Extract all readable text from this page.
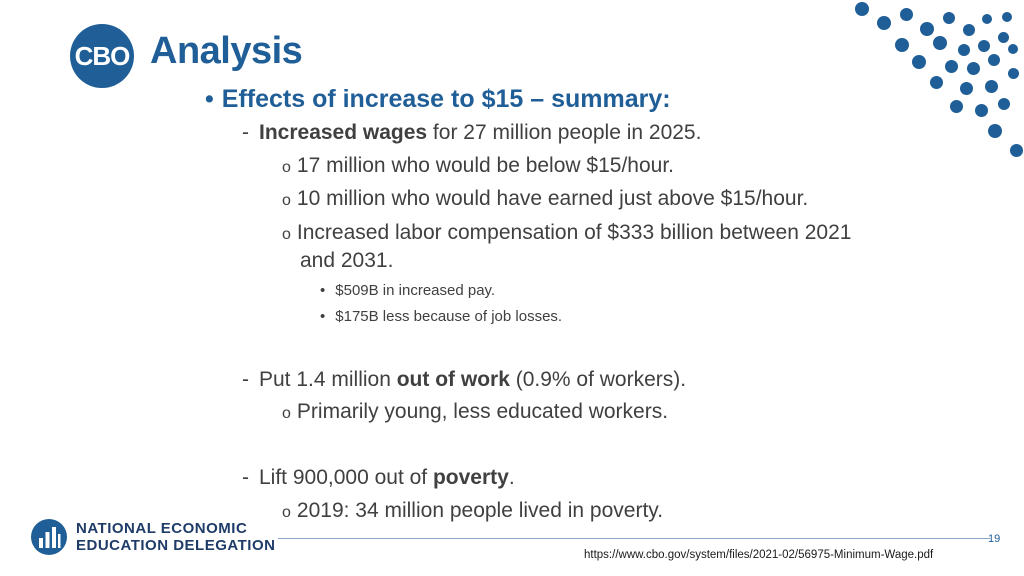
CBO Analysis
• Effects of increase to $15 – summary:
- Increased wages for 27 million people in 2025.
o 17 million who would be below $15/hour.
o 10 million who would have earned just above $15/hour.
o Increased labor compensation of $333 billion between 2021
and 2031.
• $509B in increased pay.
• $175B less because of job losses.
- Put 1.4 million out of work (0.9% of workers).
o Primarily young, less educated workers.
- Lift 900,000 out of poverty.
o 2019: 34 million people lived in poverty.
NATIONAL ECONOMIC
EDUCATION DELEGATION	19
https://www.cbo.gov/system/files/2021-02/56975-Minimum-Wage.pdf
